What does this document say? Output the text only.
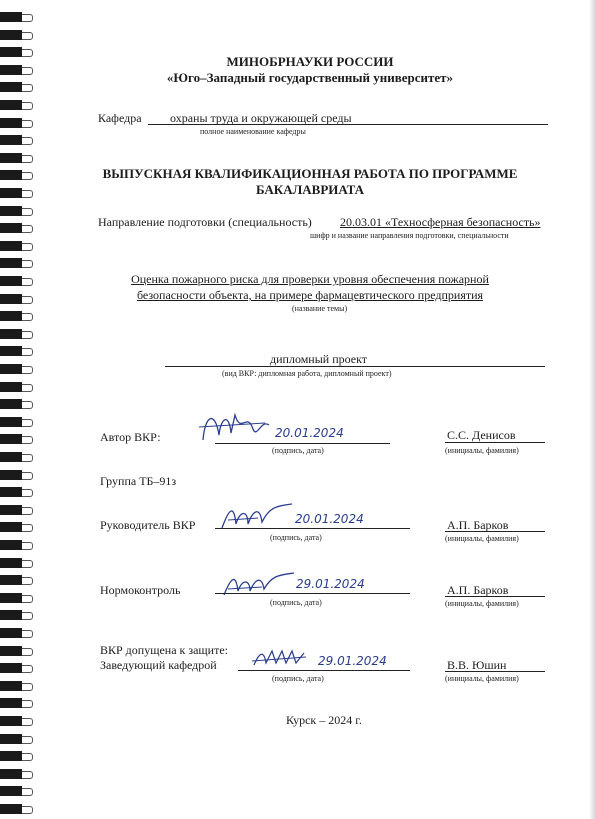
МИНОБРНАУКИ РОССИИ
«Юго–Западный государственный университет»
Кафедра охраны труда и окружающей среды
полное наименование кафедры
ВЫПУСКНАЯ КВАЛИФИКАЦИОННАЯ РАБОТА ПО ПРОГРАММЕ
БАКАЛАВРИАТА
Направление подготовки (специальность) 20.03.01 «Техносферная безопасность»
шифр и название направления подготовки, специальности
Оценка пожарного риска для проверки уровня обеспечения пожарной
безопасности объекта, на примере фармацевтического предприятия
(название темы)
дипломный проект
(вид ВКР: дипломная работа, дипломный проект)
Автор ВКР:	20.01.2024
(подпись, дата)
С.С. Денисов
(инициалы, фамилия)
Группа ТБ–91з
Руководитель ВКР	20.01.2024
(подпись, дата)
А.П. Барков
(инициалы, фамилия)
Нормоконтроль	29.01.2024
(подпись, дата)
А.П. Барков
(инициалы, фамилия)
ВКР допущена к защите:
Заведующий кафедрой	29.01.2024
(подпись, дата)
В.В. Юшин
(инициалы, фамилия)
Курск – 2024 г.
